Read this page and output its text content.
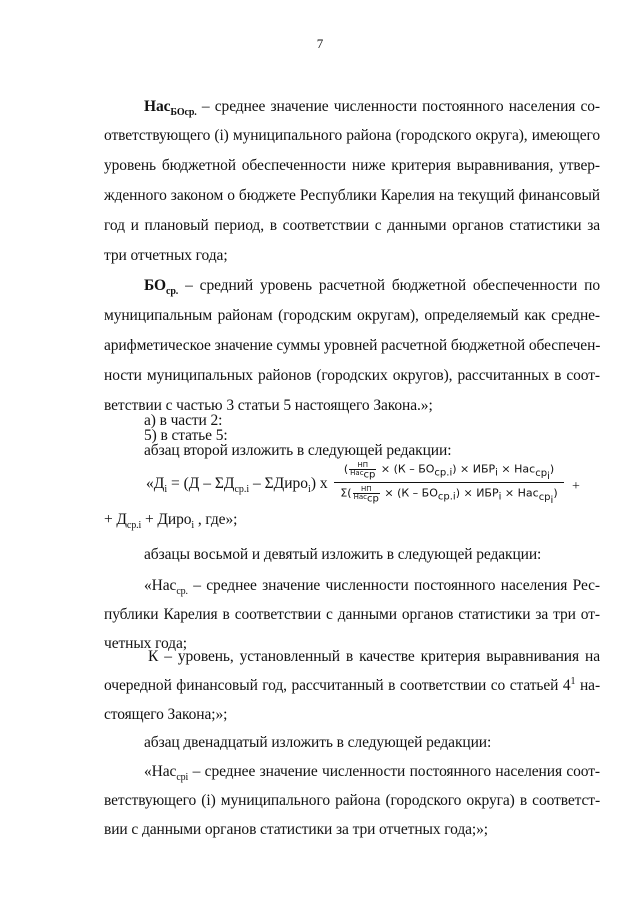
7
Нас$_{БОср.}$ – среднее значение численности постоянного населения со-
ответствующего (i) муниципального района (городского округа), имеющего
уровень бюджетной обеспеченности ниже критерия выравнивания, утвер-
жденного законом о бюджете Республики Карелия на текущий финансовый
год и плановый период, в соответствии с данными органов статистики за
три отчетных года;
$БО_{ср.}$ – средний уровень расчетной бюджетной обеспеченности по
муниципальным районам (городским округам), определяемый как средне-
арифметическое значение суммы уровней расчетной бюджетной обеспечен-
ности муниципальных районов (городских округов), рассчитанных в соот-
ветствии с частью 3 статьи 5 настоящего Закона.»;
5) в статье 5:
а) в части 2:
абзац второй изложить в следующей редакции:
«$Д_i = (Д - \Sigma Д_{ср.i}$ – ΣДиро$_i$) х
( $\frac{НП}{Нас_{ср}} \times (К - БО_{ср.i}) \times ИБР_i \times Нас_{ср_i}$)
$\Sigma( \frac{НП}{Нас_{ср}} \times (К - БО_{ср.i}) \times ИБР_i \times Нас_{ср_i})$	+
+ $Д_{ср.i}$ + Диро$_i$ , где»;
абзацы восьмой и девятый изложить в следующей редакции:
«Нас$_{ср.}$ – среднее значение численности постоянного населения Рес-
публики Карелия в соответствии с данными органов статистики за три от-
четных года;
К – уровень, установленный в качестве критерия выравнивания на
очередной финансовый год, рассчитанный в соответствии со статьей $4^1$ на-
стоящего Закона;»;
абзац двенадцатый изложить в следующей редакции:
«Нас$_{срi}$ – среднее значение численности постоянного населения соот-
ветствующего (i) муниципального района (городского округа) в соответст-
вии с данными органов статистики за три отчетных года;»;
